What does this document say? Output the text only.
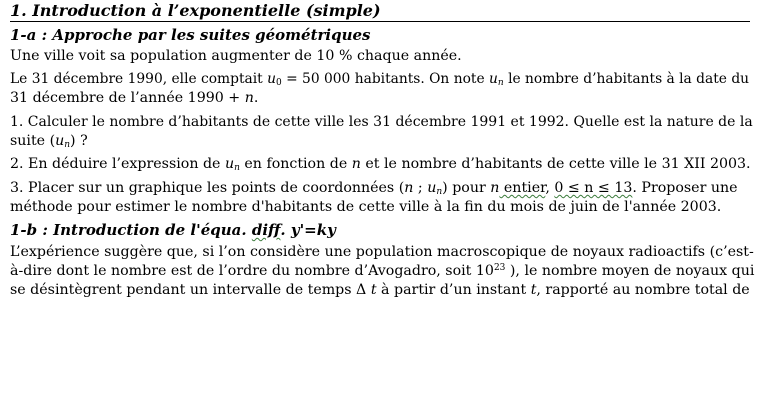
1. Introduction à l’exponentielle (simple)
1-a : Approche par les suites géométriques
Une ville voit sa population augmenter de 10 % chaque année.
Le 31 décembre 1990, elle comptait $u_0 = 50$ 000 habitants. On note $u_n$ le nombre d’habitants à la date du
31 décembre de l’année 1990 + n.
1. Calculer le nombre d’habitants de cette ville les 31 décembre 1991 et 1992. Quelle est la nature de la
suite $(u_n)$ ?
2. En déduire l’expression de $u_n$ en fonction de n et le nombre d’habitants de cette ville le 31 XII 2003.
3. Placer sur un graphique les points de coordonnées (n ; $u_n$) pour n entier, 0 ≤ n ≤ 13. Proposer une
méthode pour estimer le nombre d'habitants de cette ville à la fin du mois de juin de l'année 2003.
1-b : Introduction de l'équa. diff. y'=ky
L’expérience suggère que, si l’on considère une population macroscopique de noyaux radioactifs (c’est-
à-dire dont le nombre est de l’ordre du nombre d’Avogadro, soit $10^{23}$ ), le nombre moyen de noyaux qui
se désintègrent pendant un intervalle de temps Δ t à partir d’un instant t, rapporté au nombre total de
